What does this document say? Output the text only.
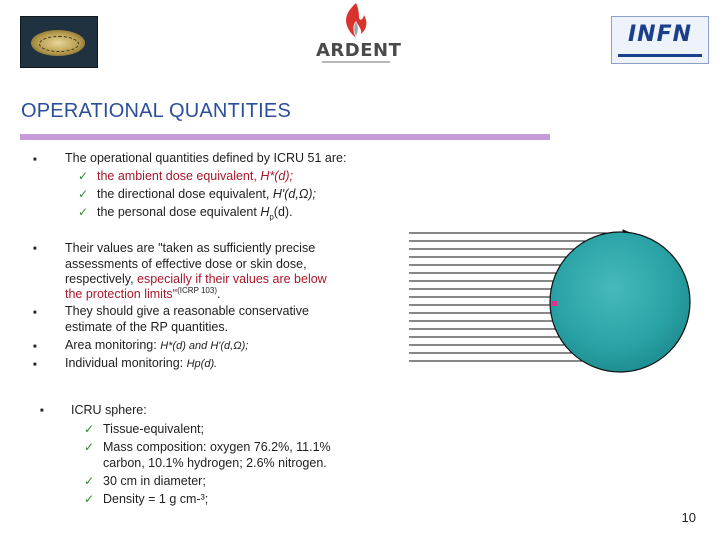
ARDENT
INFN
OPERATIONAL QUANTITIES
■ The operational quantities defined by ICRU 51 are:
✓ the ambient dose equivalent, H*(d);
✓ the directional dose equivalent, H'(d,Ω);
✓ the personal dose equivalent $H_p(d)$.
■ Their values are "taken as sufficiently precise
assessments of effective dose or skin dose,
respectively, especially if their values are below
the protection limits"$^{(ICRP 103)}$.
■ They should give a reasonable conservative
estimate of the RP quantities.
■ Area monitoring: H*(d) and H'(d,Ω);
■ Individual monitoring: Hp(d).
■ ICRU sphere:
✓ Tissue-equivalent;
✓ Mass composition: oxygen 76.2%, 11.1%
carbon, 10.1% hydrogen; 2.6% nitrogen.
✓ 30 cm in diameter;
✓ Density = 1 g cm-³;
10
